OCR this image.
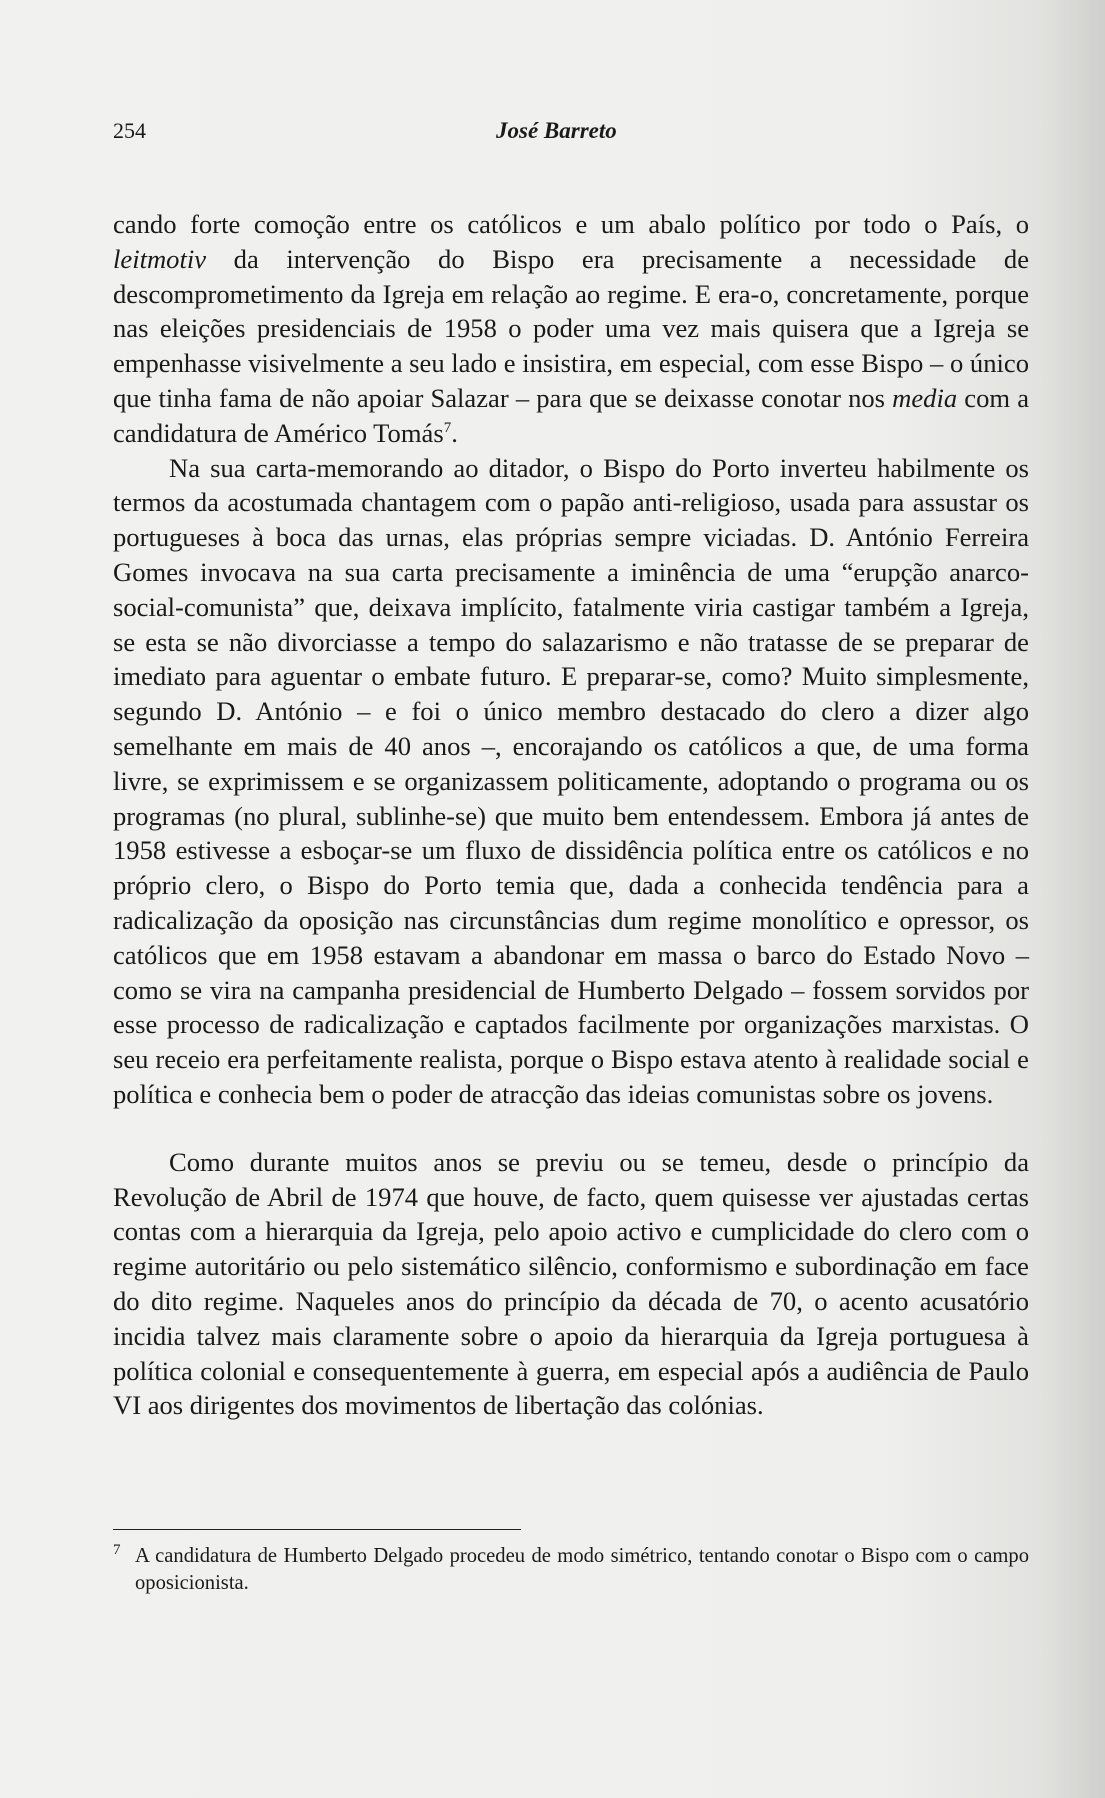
254	José Barreto

cando forte comoção entre os católicos e um abalo político por todo o País, o leitmotiv da intervenção do Bispo era precisamente a necessidade de descomprometimento da Igreja em relação ao regime. E era-o, concretamente, porque nas eleições presidenciais de 1958 o poder uma vez mais quisera que a Igreja se empenhasse visivelmente a seu lado e insistira, em especial, com esse Bispo – o único que tinha fama de não apoiar Salazar – para que se deixasse conotar nos media com a candidatura de Américo Tomás$^7$.

Na sua carta-memorando ao ditador, o Bispo do Porto inverteu habilmente os termos da acostumada chantagem com o papão anti-religioso, usada para assustar os portugueses à boca das urnas, elas próprias sempre viciadas. D. António Ferreira Gomes invocava na sua carta precisamente a iminência de uma “erupção anarco-social-comunista” que, deixava implícito, fatalmente viria castigar também a Igreja, se esta se não divorciasse a tempo do salazarismo e não tratasse de se preparar de imediato para aguentar o embate futuro. E preparar-se, como? Muito simplesmente, segundo D. António – e foi o único membro destacado do clero a dizer algo semelhante em mais de 40 anos –, encorajando os católicos a que, de uma forma livre, se exprimissem e se organizassem politicamente, adoptando o programa ou os programas (no plural, sublinhe-se) que muito bem entendessem. Embora já antes de 1958 estivesse a esboçar-se um fluxo de dissidência política entre os católicos e no próprio clero, o Bispo do Porto temia que, dada a conhecida tendência para a radicalização da oposição nas circunstâncias dum regime monolítico e opressor, os católicos que em 1958 estavam a abandonar em massa o barco do Estado Novo – como se vira na campanha presidencial de Humberto Delgado – fossem sorvidos por esse processo de radicalização e captados facilmente por organizações marxistas. O seu receio era perfeitamente realista, porque o Bispo estava atento à realidade social e política e conhecia bem o poder de atracção das ideias comunistas sobre os jovens.

Como durante muitos anos se previu ou se temeu, desde o princípio da Revolução de Abril de 1974 que houve, de facto, quem quisesse ver ajustadas certas contas com a hierarquia da Igreja, pelo apoio activo e cumplicidade do clero com o regime autoritário ou pelo sistemático silêncio, conformismo e subordinação em face do dito regime. Naqueles anos do princípio da década de 70, o acento acusatório incidia talvez mais claramente sobre o apoio da hierarquia da Igreja portuguesa à política colonial e consequentemente à guerra, em especial após a audiência de Paulo VI aos dirigentes dos movimentos de libertação das colónias.

7 A candidatura de Humberto Delgado procedeu de modo simétrico, tentando conotar o Bispo com o campo oposicionista.
